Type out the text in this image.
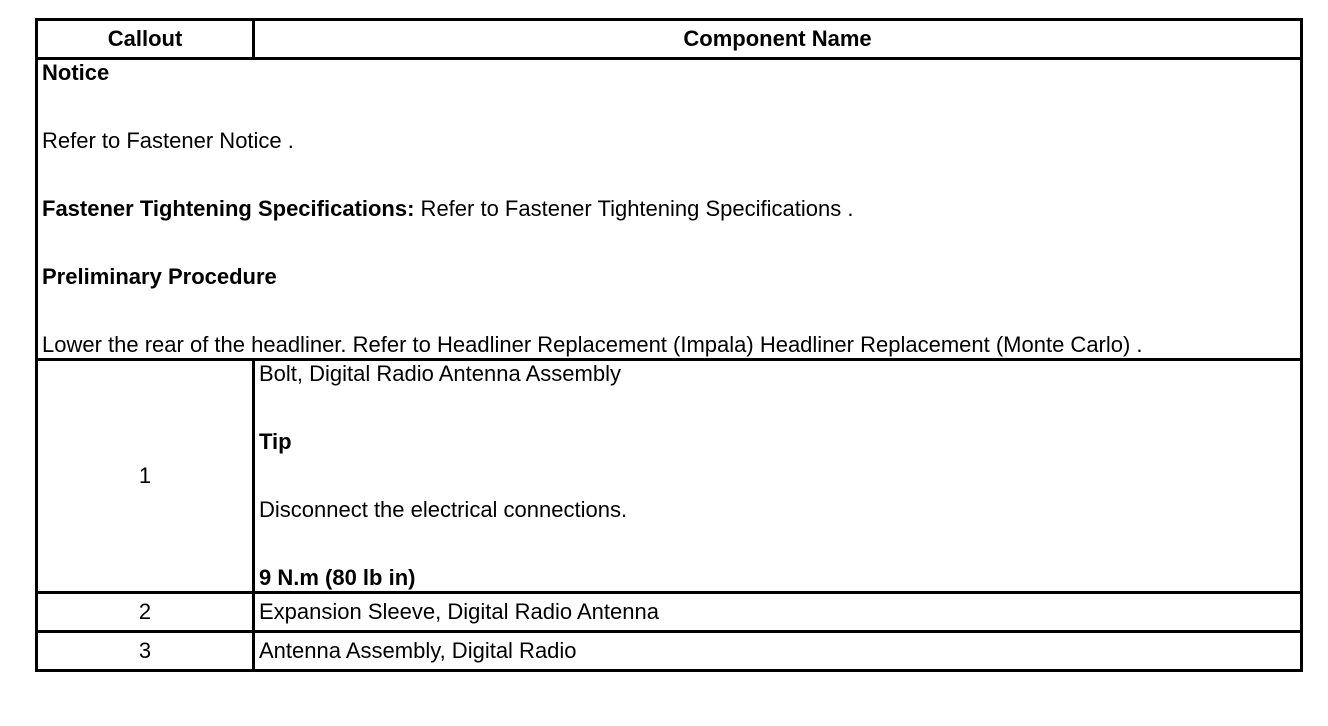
Callout	Component Name

Notice
Refer to Fastener Notice .
Fastener Tightening Specifications: Refer to Fastener Tightening Specifications .
Preliminary Procedure
Lower the rear of the headliner. Refer to Headliner Replacement (Impala) Headliner Replacement (Monte Carlo) .	

1	Bolt, Digital Radio Antenna Assembly
Tip
Disconnect the electrical connections.
9 N.m (80 lb in)

2	Expansion Sleeve, Digital Radio Antenna
3	Antenna Assembly, Digital Radio
